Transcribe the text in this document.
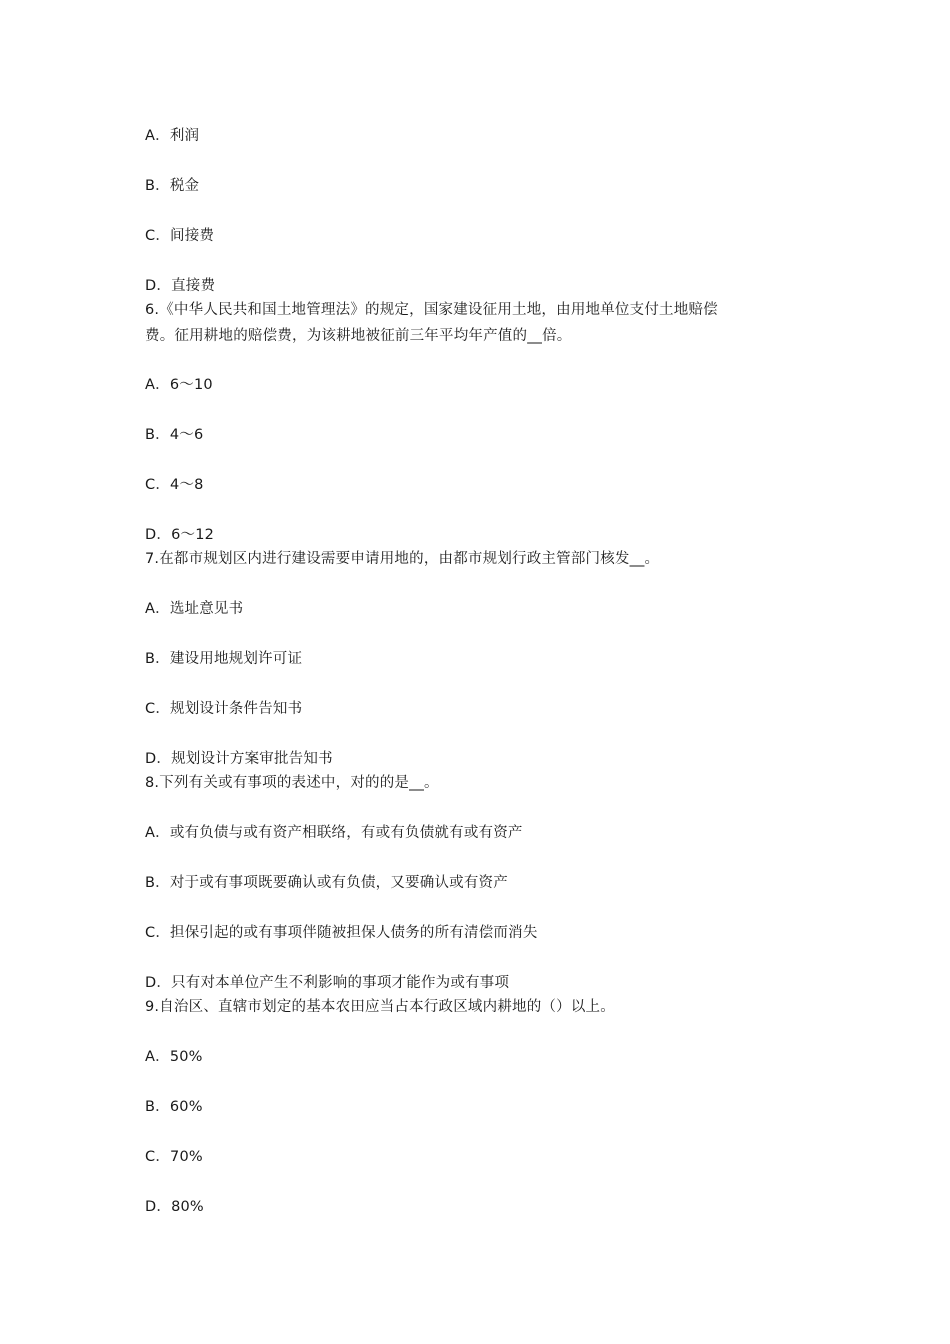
A．利润
B．税金
C．间接费
D．直接费
6.《中华人民共和国土地管理法》的规定，国家建设征用土地，由用地单位支付土地赔偿
费。征用耕地的赔偿费，为该耕地被征前三年平均年产值的__倍。
A．6～10
B．4～6
C．4～8
D．6～12
7.在都市规划区内进行建设需要申请用地的，由都市规划行政主管部门核发__。
A．选址意见书
B．建设用地规划许可证
C．规划设计条件告知书
D．规划设计方案审批告知书
8.下列有关或有事项的表述中，对的的是__。
A．或有负债与或有资产相联络，有或有负债就有或有资产
B．对于或有事项既要确认或有负债，又要确认或有资产
C．担保引起的或有事项伴随被担保人债务的所有清偿而消失
D．只有对本单位产生不利影响的事项才能作为或有事项
9.自治区、直辖市划定的基本农田应当占本行政区域内耕地的（）以上。
A．50%
B．60%
C．70%
D．80%
